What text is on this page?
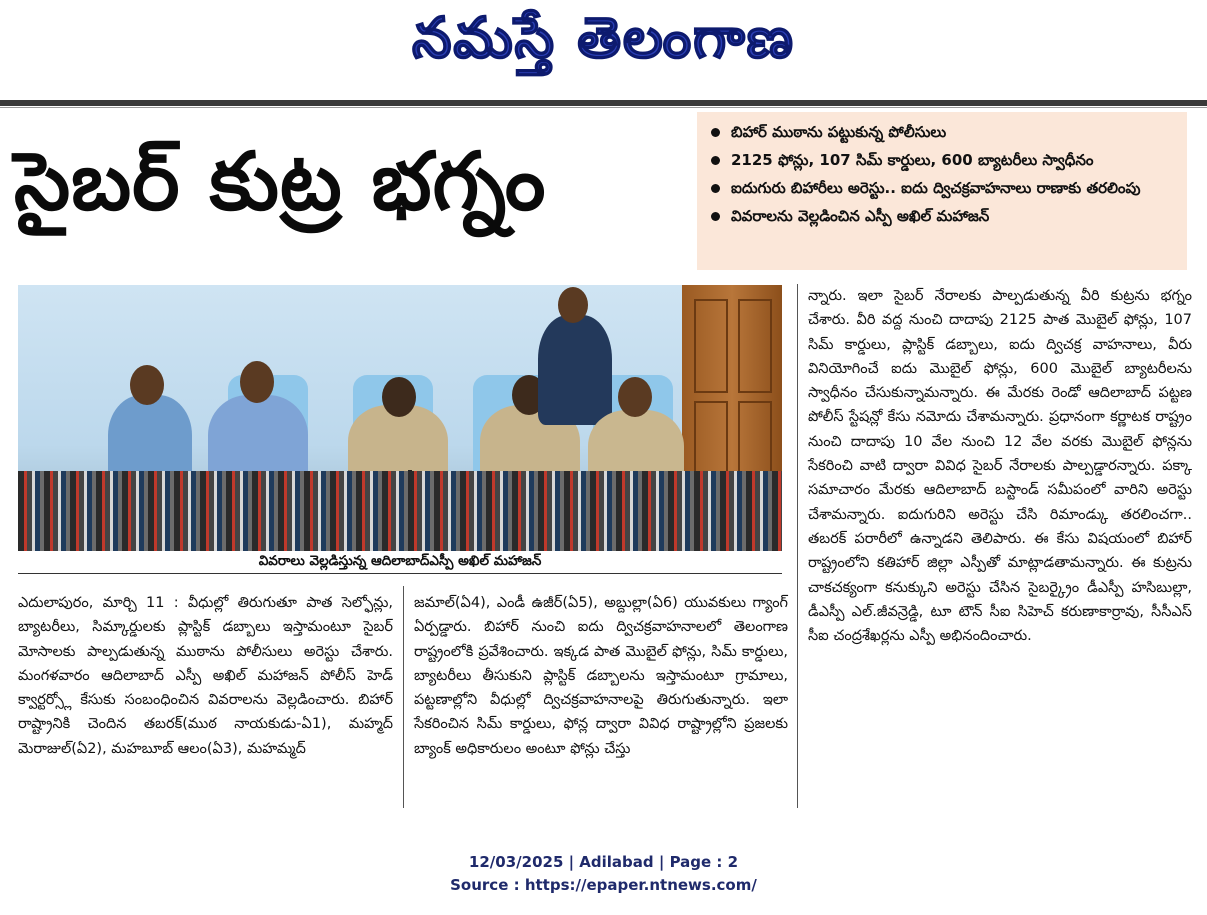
నమస్తే తెలంగాణ
సైబర్ కుట్ర భగ్నం
బిహార్ ముఠాను పట్టుకున్న పోలీసులు
2125 ఫోన్లు, 107 సిమ్ కార్డులు, 600 బ్యాటరీలు స్వాధీనం
ఐదుగురు బిహారీలు అరెస్టు.. ఐదు ద్విచక్రవాహనాలు రాణాకు తరలింపు
వివరాలను వెల్లడించిన ఎస్పీ అఖిల్ మహాజన్
వివరాలు వెల్లడిస్తున్న ఆదిలాబాద్ఎస్పీ అఖిల్ మహాజన్

ఎదులాపురం, మార్చి 11 : వీధుల్లో తిరుగుతూ పాత సెల్ఫోన్లు, బ్యాటరీలు, సిమ్కార్డులకు ప్లాస్టిక్ డబ్బాలు ఇస్తామంటూ సైబర్ మోసాలకు పాల్పడుతున్న ముఠాను పోలీసులు అరెస్టు చేశారు. మంగళవారం ఆదిలాబాద్ ఎస్పీ అఖిల్ మహాజన్ పోలీస్ హెడ్ క్వార్టర్స్లో కేసుకు సంబంధించిన వివరాలను వెల్లడించారు. బిహార్ రాష్ట్రానికి చెందిన తబరక్(ముఠ నాయకుడు-ఏ1), మహ్మద్ మెరాజుల్(ఏ2), మహబూబ్ ఆలం(ఏ3), మహమ్మద్

జమాల్(ఏ4), ఎండీ ఉజీర్(ఏ5), అబ్దుల్లా(ఏ6) యువకులు గ్యాంగ్ ఏర్పడ్డారు. బిహార్ నుంచి ఐదు ద్విచక్రవాహనాలలో తెలంగాణ రాష్ట్రంలోకి ప్రవేశించారు. ఇక్కడ పాత మొబైల్ ఫోన్లు, సిమ్ కార్డులు, బ్యాటరీలు తీసుకుని ప్లాస్టిక్ డబ్బాలను ఇస్తామంటూ గ్రామాలు, పట్టణాల్లోని వీధుల్లో ద్విచక్రవాహనాలపై తిరుగుతున్నారు. ఇలా సేకరించిన సిమ్ కార్డులు, ఫోన్ల ద్వారా వివిధ రాష్ట్రాల్లోని ప్రజలకు బ్యాంక్ అధికారులం అంటూ ఫోన్లు చేస్తు

న్నారు. ఇలా సైబర్ నేరాలకు పాల్పడుతున్న వీరి కుట్రను భగ్నం చేశారు. వీరి వద్ద నుంచి దాదాపు 2125 పాత మొబైల్ ఫోన్లు, 107 సిమ్ కార్డులు, ప్లాస్టిక్ డబ్బాలు, ఐదు ద్విచక్ర వాహనాలు, వీరు వినియోగించే ఐదు మొబైల్ ఫోన్లు, 600 మొబైల్ బ్యాటరీలను స్వాధీనం చేసుకున్నామన్నారు. ఈ మేరకు రెండో ఆదిలాబాద్ పట్టణ పోలీస్ స్టేషన్లో కేసు నమోదు చేశామన్నారు. ప్రధానంగా కర్ణాటక రాష్ట్రం నుంచి దాదాపు 10 వేల నుంచి 12 వేల వరకు మొబైల్ ఫోన్లను సేకరించి వాటి ద్వారా వివిధ సైబర్ నేరాలకు పాల్పడ్డారన్నారు. పక్కా సమాచారం మేరకు ఆదిలాబాద్ బస్టాండ్ సమీపంలో వారిని అరెస్టు చేశామన్నారు. ఐదుగురిని అరెస్టు చేసి రిమాండ్కు తరలించగా.. తబరక్ పరారీలో ఉన్నాడని తెలిపారు. ఈ కేసు విషయంలో బిహార్ రాష్ట్రంలోని కతిహార్ జిల్లా ఎస్పీతో మాట్లాడతామన్నారు. ఈ కుట్రను చాకచక్యంగా కనుక్కుని అరెస్టు చేసిన సైబర్క్రైం డీఎస్పీ హసిబుల్లా, డీఎస్పీ ఎల్.జీవన్రెడ్డి, టూ టౌన్ సీఐ సిహెచ్ కరుణాకార్రావు, సీసీఎస్ సీఐ చంద్రశేఖర్లను ఎస్పీ అభినందించారు.

12/03/2025 | Adilabad | Page : 2
Source : https://epaper.ntnews.com/
